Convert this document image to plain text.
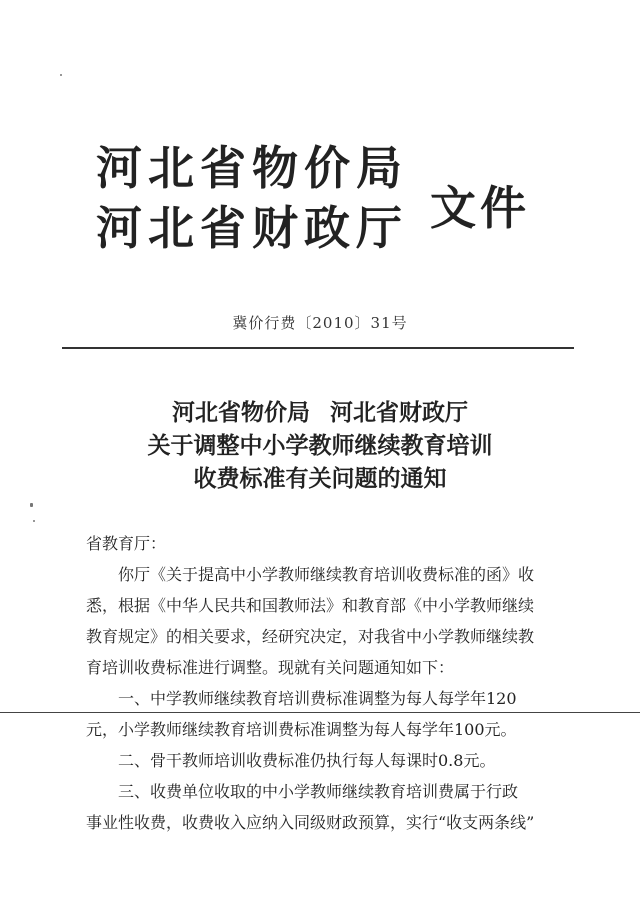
河北省物价局
河北省财政厅 文件
冀价行费〔2010〕31号
河北省物价局 河北省财政厅
关于调整中小学教师继续教育培训
收费标准有关问题的通知

省教育厅：

你厅《关于提高中小学教师继续教育培训收费标准的函》收

悉，根据《中华人民共和国教师法》和教育部《中小学教师继续

教育规定》的相关要求，经研究决定，对我省中小学教师继续教

育培训收费标准进行调整。现就有关问题通知如下：

一、中学教师继续教育培训费标准调整为每人每学年120

元，小学教师继续教育培训费标准调整为每人每学年100元。

二、骨干教师培训收费标准仍执行每人每课时0.8元。

三、收费单位收取的中小学教师继续教育培训费属于行政

事业性收费，收费收入应纳入同级财政预算，实行“收支两条线”
